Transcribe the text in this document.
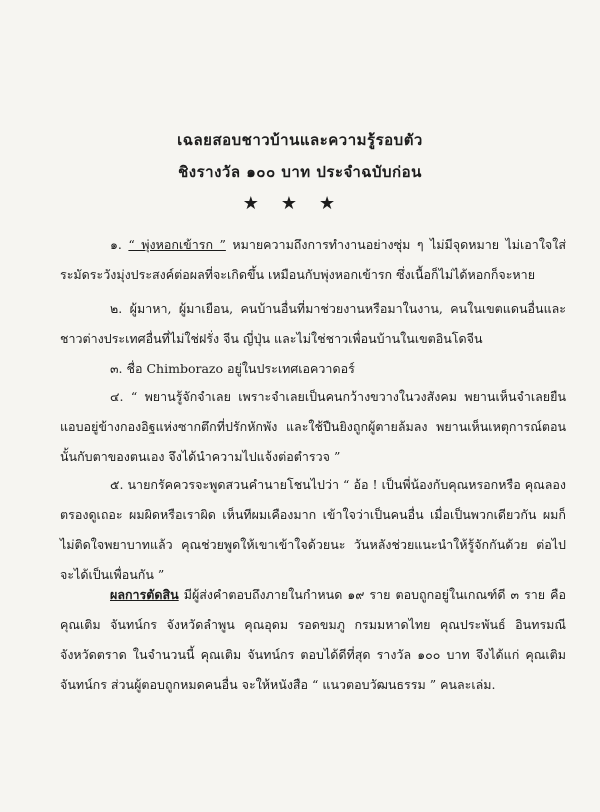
เฉลยสอบชาวบ้านและความรู้รอบตัว
ชิงรางวัล ๑๐๐ บาท ประจำฉบับก่อน
★★★

๑. “ พุ่งหอกเข้ารก ” หมายความถึงการทำงานอย่างซุ่ม ๆ ไม่มีจุดหมาย ไม่เอาใจใส่ระมัดระวังมุ่งประสงค์ต่อผลที่จะเกิดขึ้น เหมือนกับพุ่งหอกเข้ารก ซึ่งเนื้อก็ไม่ได้หอกก็จะหาย

๒. ผู้มาหา, ผู้มาเยือน, คนบ้านอื่นที่มาช่วยงานหรือมาในงาน, คนในเขตแดนอื่นและชาวต่างประเทศอื่นที่ไม่ใช่ฝรั่ง จีน ญี่ปุ่น และไม่ใช่ชาวเพื่อนบ้านในเขตอินโดจีน

๓. ชื่อ Chimborazo อยู่ในประเทศเอควาดอร์

๔. “ พยานรู้จักจำเลย เพราะจำเลยเป็นคนกว้างขวางในวงสังคม พยานเห็นจำเลยยืนแอบอยู่ข้างกองอิฐแห่งซากตึกที่ปรักหักพัง และใช้ปืนยิงถูกผู้ตายล้มลง พยานเห็นเหตุการณ์ตอนนั้นกับตาของตนเอง จึงได้นำความไปแจ้งต่อตำรวจ ”

๕. นายกรัคควรจะพูดสวนคำนายโชนไปว่า “ อ้อ ! เป็นพี่น้องกับคุณหรอกหรือ คุณลองตรองดูเถอะ ผมผิดหรือเราผิด เห็นทีผมเคืองมาก เข้าใจว่าเป็นคนอื่น เมื่อเป็นพวกเดียวกัน ผมก็ไม่ติดใจพยาบาทแล้ว คุณช่วยพูดให้เขาเข้าใจด้วยนะ วันหลังช่วยแนะนำให้รู้จักกันด้วย ต่อไปจะได้เป็นเพื่อนกัน ”

ผลการตัดสิน มีผู้ส่งคำตอบถึงภายในกำหนด ๑๙ ราย ตอบถูกอยู่ในเกณฑ์ดี ๓ ราย คือ คุณเติม จันทน์กร จังหวัดลำพูน คุณอุดม รอดขมภู กรมมหาดไทย คุณประพันธ์ อินทรมณี จังหวัดตราด ในจำนวนนี้ คุณเติม จันทน์กร ตอบได้ดีที่สุด รางวัล ๑๐๐ บาท จึงได้แก่ คุณเติม จันทน์กร ส่วนผู้ตอบถูกหมดคนอื่น จะให้หนังสือ “ แนวตอบวัฒนธรรม ” คนละเล่ม.
